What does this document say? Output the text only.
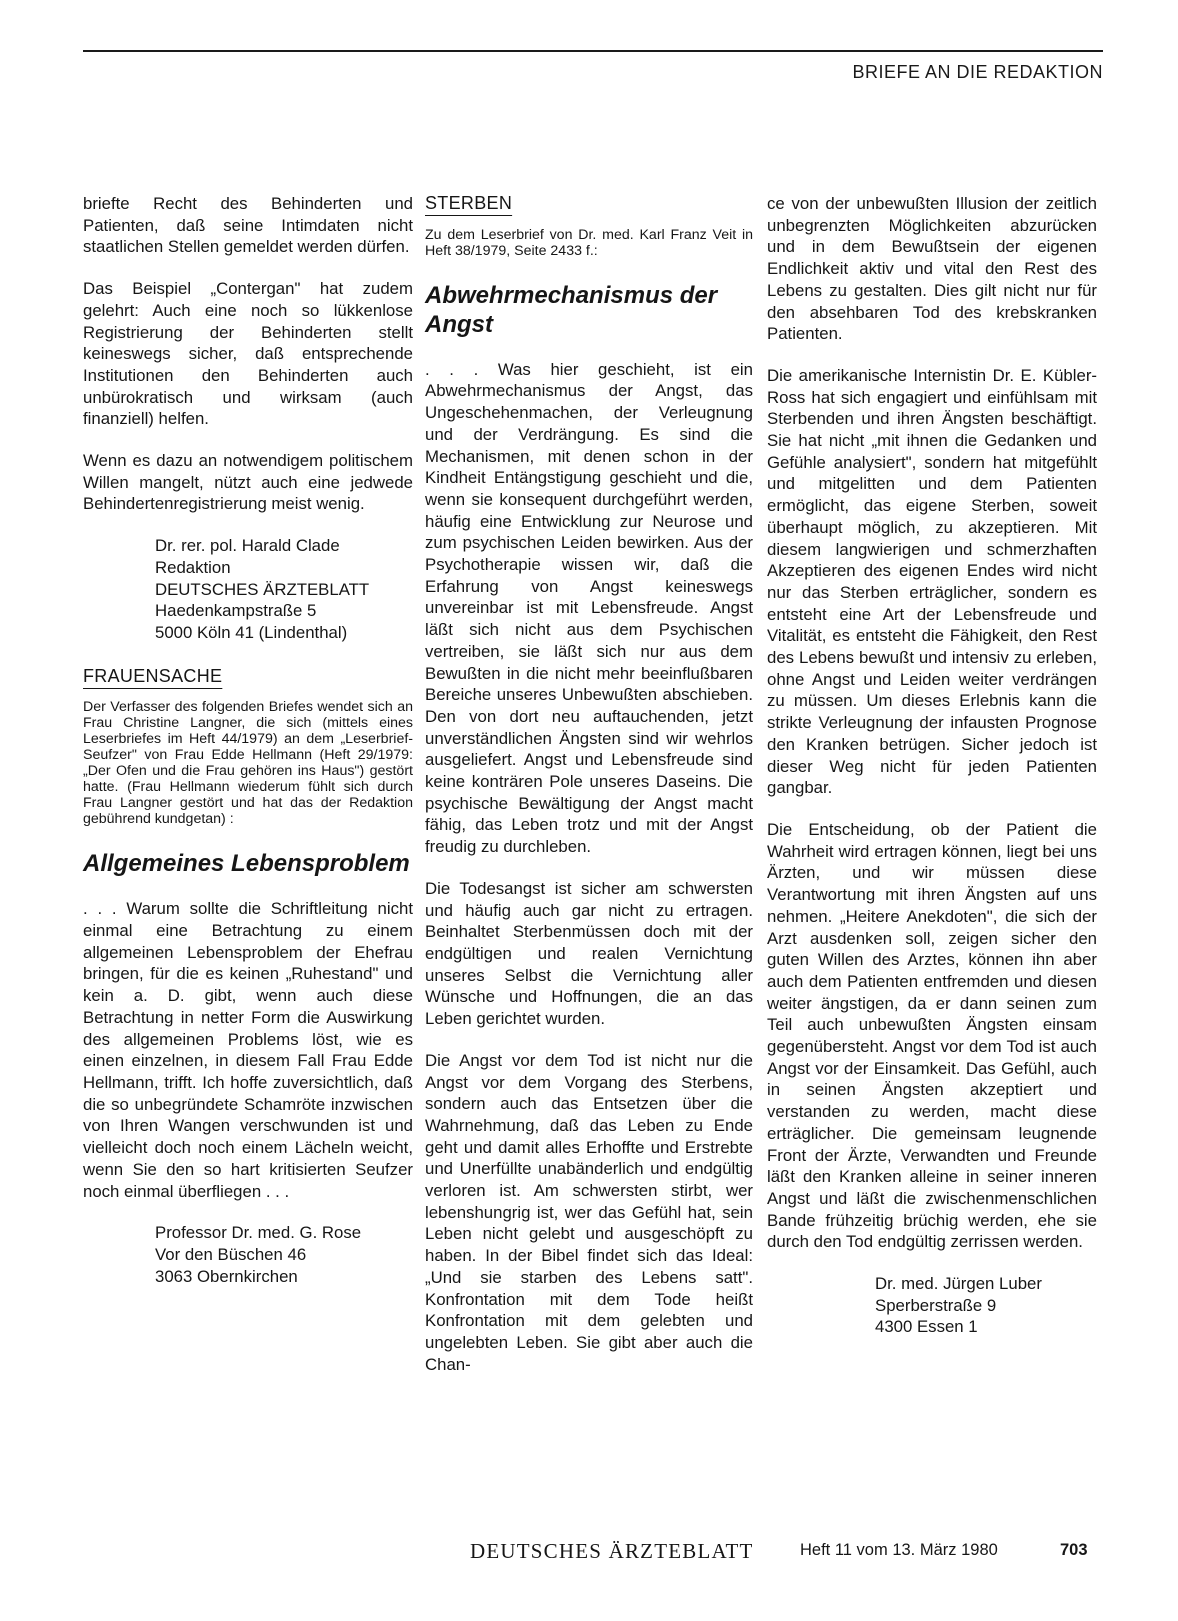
BRIEFE AN DIE REDAKTION

briefte Recht des Behinderten und Patienten, daß seine Intimdaten nicht staatlichen Stellen gemeldet werden dürfen.

Das Beispiel „Contergan" hat zudem gelehrt: Auch eine noch so lükkenlose Registrierung der Behinderten stellt keineswegs sicher, daß entsprechende Institutionen den Behinderten auch unbürokratisch und wirksam (auch finanziell) helfen.

Wenn es dazu an notwendigem politischem Willen mangelt, nützt auch eine jedwede Behindertenregistrierung meist wenig.

Dr. rer. pol. Harald Clade
Redaktion
DEUTSCHES ÄRZTEBLATT
Haedenkampstraße 5
5000 Köln 41 (Lindenthal)
FRAUENSACHE
Der Verfasser des folgenden Briefes wendet sich an Frau Christine Langner, die sich (mittels eines Leserbriefes im Heft 44/1979) an dem „Leserbrief-Seufzer" von Frau Edde Hellmann (Heft 29/1979: „Der Ofen und die Frau gehören ins Haus") gestört hatte. (Frau Hellmann wiederum fühlt sich durch Frau Langner gestört und hat das der Redaktion gebührend kundgetan) :
Allgemeines Lebensproblem

. . . Warum sollte die Schriftleitung nicht einmal eine Betrachtung zu einem allgemeinen Lebensproblem der Ehefrau bringen, für die es keinen „Ruhestand" und kein a. D. gibt, wenn auch diese Betrachtung in netter Form die Auswirkung des allgemeinen Problems löst, wie es einen einzelnen, in diesem Fall Frau Edde Hellmann, trifft. Ich hoffe zuversichtlich, daß die so unbegründete Schamröte inzwischen von Ihren Wangen verschwunden ist und vielleicht doch noch einem Lächeln weicht, wenn Sie den so hart kritisierten Seufzer noch einmal überfliegen . . .

Professor Dr. med. G. Rose
Vor den Büschen 46
3063 Obernkirchen
STERBEN
Zu dem Leserbrief von Dr. med. Karl Franz Veit in Heft 38/1979, Seite 2433 f.:
Abwehrmechanismus der Angst

. . . Was hier geschieht, ist ein Abwehrmechanismus der Angst, das Ungeschehenmachen, der Verleugnung und der Verdrängung. Es sind die Mechanismen, mit denen schon in der Kindheit Entängstigung geschieht und die, wenn sie konsequent durchgeführt werden, häufig eine Entwicklung zur Neurose und zum psychischen Leiden bewirken. Aus der Psychotherapie wissen wir, daß die Erfahrung von Angst keineswegs unvereinbar ist mit Lebensfreude. Angst läßt sich nicht aus dem Psychischen vertreiben, sie läßt sich nur aus dem Bewußten in die nicht mehr beeinflußbaren Bereiche unseres Unbewußten abschieben. Den von dort neu auftauchenden, jetzt unverständlichen Ängsten sind wir wehrlos ausgeliefert. Angst und Lebensfreude sind keine konträren Pole unseres Daseins. Die psychische Bewältigung der Angst macht fähig, das Leben trotz und mit der Angst freudig zu durchleben.

Die Todesangst ist sicher am schwersten und häufig auch gar nicht zu ertragen. Beinhaltet Sterbenmüssen doch mit der endgültigen und realen Vernichtung unseres Selbst die Vernichtung aller Wünsche und Hoffnungen, die an das Leben gerichtet wurden.

Die Angst vor dem Tod ist nicht nur die Angst vor dem Vorgang des Sterbens, sondern auch das Entsetzen über die Wahrnehmung, daß das Leben zu Ende geht und damit alles Erhoffte und Erstrebte und Unerfüllte unabänderlich und endgültig verloren ist. Am schwersten stirbt, wer lebenshungrig ist, wer das Gefühl hat, sein Leben nicht gelebt und ausgeschöpft zu haben. In der Bibel findet sich das Ideal: „Und sie starben des Lebens satt". Konfrontation mit dem Tode heißt Konfrontation mit dem gelebten und ungelebten Leben. Sie gibt aber auch die Chan-

ce von der unbewußten Illusion der zeitlich unbegrenzten Möglichkeiten abzurücken und in dem Bewußtsein der eigenen Endlichkeit aktiv und vital den Rest des Lebens zu gestalten. Dies gilt nicht nur für den absehbaren Tod des krebskranken Patienten.

Die amerikanische Internistin Dr. E. Kübler-Ross hat sich engagiert und einfühlsam mit Sterbenden und ihren Ängsten beschäftigt. Sie hat nicht „mit ihnen die Gedanken und Gefühle analysiert", sondern hat mitgefühlt und mitgelitten und dem Patienten ermöglicht, das eigene Sterben, soweit überhaupt möglich, zu akzeptieren. Mit diesem langwierigen und schmerzhaften Akzeptieren des eigenen Endes wird nicht nur das Sterben erträglicher, sondern es entsteht eine Art der Lebensfreude und Vitalität, es entsteht die Fähigkeit, den Rest des Lebens bewußt und intensiv zu erleben, ohne Angst und Leiden weiter verdrängen zu müssen. Um dieses Erlebnis kann die strikte Verleugnung der infausten Prognose den Kranken betrügen. Sicher jedoch ist dieser Weg nicht für jeden Patienten gangbar.

Die Entscheidung, ob der Patient die Wahrheit wird ertragen können, liegt bei uns Ärzten, und wir müssen diese Verantwortung mit ihren Ängsten auf uns nehmen. „Heitere Anekdoten", die sich der Arzt ausdenken soll, zeigen sicher den guten Willen des Arztes, können ihn aber auch dem Patienten entfremden und diesen weiter ängstigen, da er dann seinen zum Teil auch unbewußten Ängsten einsam gegenübersteht. Angst vor dem Tod ist auch Angst vor der Einsamkeit. Das Gefühl, auch in seinen Ängsten akzeptiert und verstanden zu werden, macht diese erträglicher. Die gemeinsam leugnende Front der Ärzte, Verwandten und Freunde läßt den Kranken alleine in seiner inneren Angst und läßt die zwischenmenschlichen Bande frühzeitig brüchig werden, ehe sie durch den Tod endgültig zerrissen werden.

Dr. med. Jürgen Luber
Sperberstraße 9
4300 Essen 1
DEUTSCHES ÄRZTEBLATT	Heft 11 vom 13. März 1980	703
